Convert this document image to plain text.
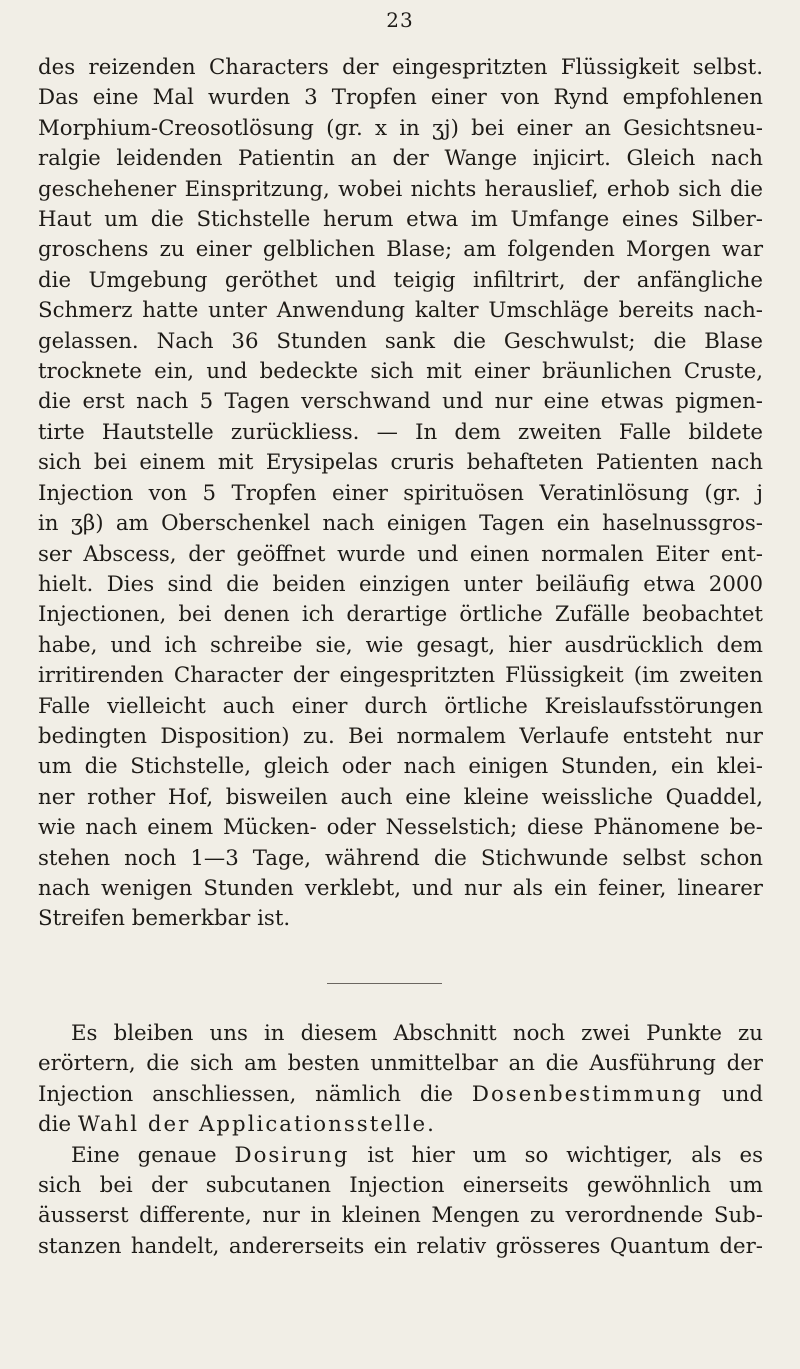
23
des reizenden Characters der eingespritzten Flüssigkeit selbst.
Das eine Mal wurden 3 Tropfen einer von Rynd empfohlenen
Morphium-Creosotlösung (gr. x in ʒj) bei einer an Gesichtsneu-
ralgie leidenden Patientin an der Wange injicirt. Gleich nach
geschehener Einspritzung, wobei nichts herauslief, erhob sich die
Haut um die Stichstelle herum etwa im Umfange eines Silber-
groschens zu einer gelblichen Blase; am folgenden Morgen war
die Umgebung geröthet und teigig infiltrirt, der anfängliche
Schmerz hatte unter Anwendung kalter Umschläge bereits nach-
gelassen. Nach 36 Stunden sank die Geschwulst; die Blase
trocknete ein, und bedeckte sich mit einer bräunlichen Cruste,
die erst nach 5 Tagen verschwand und nur eine etwas pigmen-
tirte Hautstelle zurückliess. — In dem zweiten Falle bildete
sich bei einem mit Erysipelas cruris behafteten Patienten nach
Injection von 5 Tropfen einer spirituösen Veratinlösung (gr. j
in ʒβ) am Oberschenkel nach einigen Tagen ein haselnussgros-
ser Abscess, der geöffnet wurde und einen normalen Eiter ent-
hielt. Dies sind die beiden einzigen unter beiläufig etwa 2000
Injectionen, bei denen ich derartige örtliche Zufälle beobachtet
habe, und ich schreibe sie, wie gesagt, hier ausdrücklich dem
irritirenden Character der eingespritzten Flüssigkeit (im zweiten
Falle vielleicht auch einer durch örtliche Kreislaufsstörungen
bedingten Disposition) zu. Bei normalem Verlaufe entsteht nur
um die Stichstelle, gleich oder nach einigen Stunden, ein klei-
ner rother Hof, bisweilen auch eine kleine weissliche Quaddel,
wie nach einem Mücken- oder Nesselstich; diese Phänomene be-
stehen noch 1—3 Tage, während die Stichwunde selbst schon
nach wenigen Stunden verklebt, und nur als ein feiner, linearer
Streifen bemerkbar ist.
Es bleiben uns in diesem Abschnitt noch zwei Punkte zu
erörtern, die sich am besten unmittelbar an die Ausführung der
Injection anschliessen, nämlich die Dosenbestimmung und
die Wahl der Applicationsstelle.
Eine genaue Dosirung ist hier um so wichtiger, als es
sich bei der subcutanen Injection einerseits gewöhnlich um
äusserst differente, nur in kleinen Mengen zu verordnende Sub-
stanzen handelt, andererseits ein relativ grösseres Quantum der-
